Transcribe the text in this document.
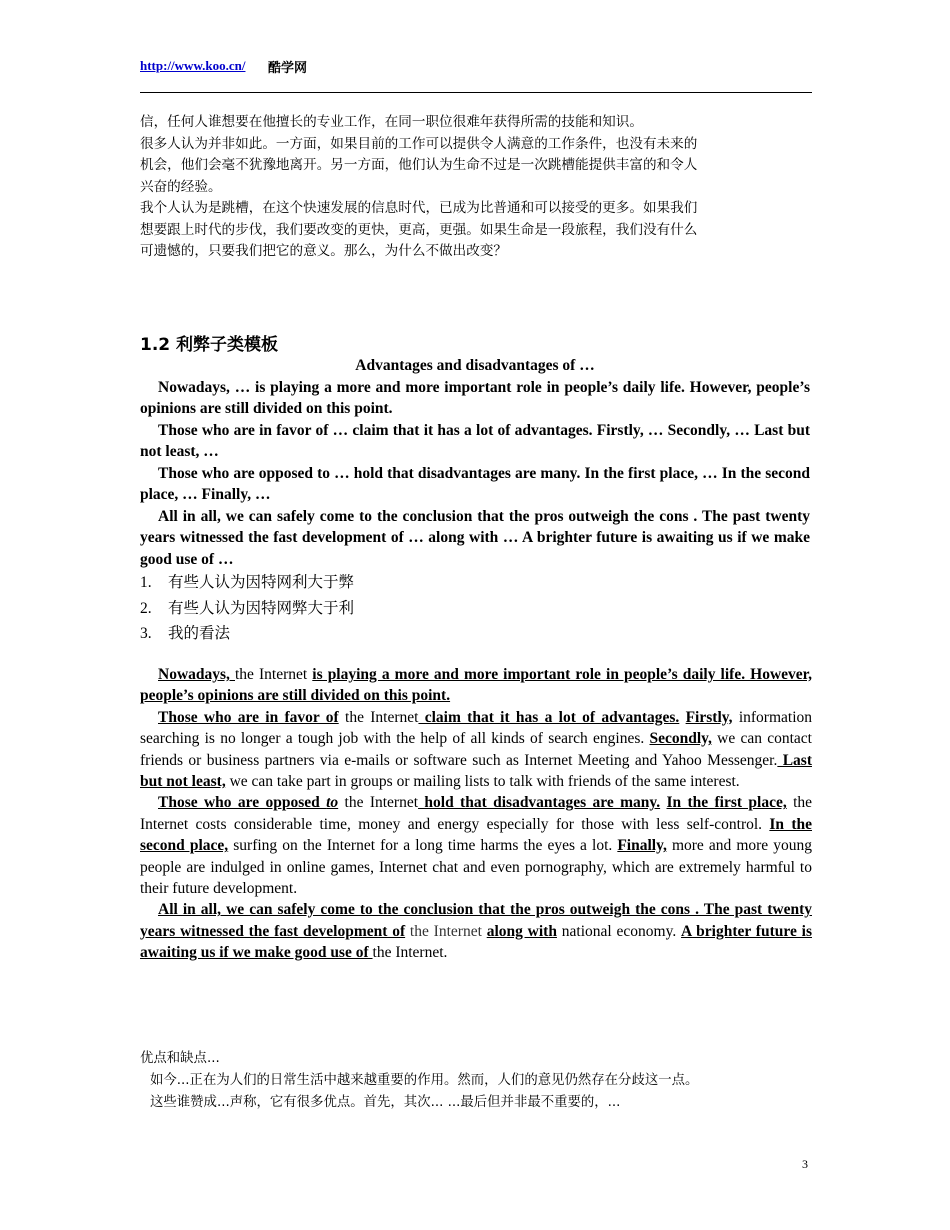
http://www.koo.cn/ 酷学网
信，任何人谁想要在他擅长的专业工作，在同一职位很难年获得所需的技能和知识。
很多人认为并非如此。一方面，如果目前的工作可以提供令人满意的工作条件，也没有未来的
机会，他们会毫不犹豫地离开。另一方面，他们认为生命不过是一次跳槽能提供丰富的和令人
兴奋的经验。
我个人认为是跳槽，在这个快速发展的信息时代，已成为比普通和可以接受的更多。如果我们
想要跟上时代的步伐，我们要改变的更快，更高，更强。如果生命是一段旅程，我们没有什么
可遗憾的，只要我们把它的意义。那么，为什么不做出改变？
1.2 利弊子类模板
Advantages and disadvantages of …
Nowadays, … is playing a more and more important role in people’s daily life. However, people’s opinions are still divided on this point.
Those who are in favor of … claim that it has a lot of advantages. Firstly, … Secondly, … Last but not least, …
Those who are opposed to … hold that disadvantages are many. In the first place, … In the second place, … Finally, …
All in all, we can safely come to the conclusion that the pros outweigh the cons . The past twenty years witnessed the fast development of … along with … A brighter future is awaiting us if we make good use of …
1. 有些人认为因特网利大于弊
2. 有些人认为因特网弊大于利
3. 我的看法

Nowadays, the Internet is playing a more and more important role in people’s daily life. However, people’s opinions are still divided on this point.

Those who are in favor of the Internet claim that it has a lot of advantages. Firstly, information searching is no longer a tough job with the help of all kinds of search engines. Secondly, we can contact friends or business partners via e-mails or software such as Internet Meeting and Yahoo Messenger. Last but not least, we can take part in groups or mailing lists to talk with friends of the same interest.

Those who are opposed to the Internet hold that disadvantages are many. In the first place, the Internet costs considerable time, money and energy especially for those with less self-control. In the second place, surfing on the Internet for a long time harms the eyes a lot. Finally, more and more young people are indulged in online games, Internet chat and even pornography, which are extremely harmful to their future development.

All in all, we can safely come to the conclusion that the pros outweigh the cons . The past twenty years witnessed the fast development of the Internet along with national economy. A brighter future is awaiting us if we make good use of the Internet.

优点和缺点...
如今...正在为人们的日常生活中越来越重要的作用。然而，人们的意见仍然存在分歧这一点。
这些谁赞成...声称，它有很多优点。首先，其次... ...最后但并非最不重要的，...
3
